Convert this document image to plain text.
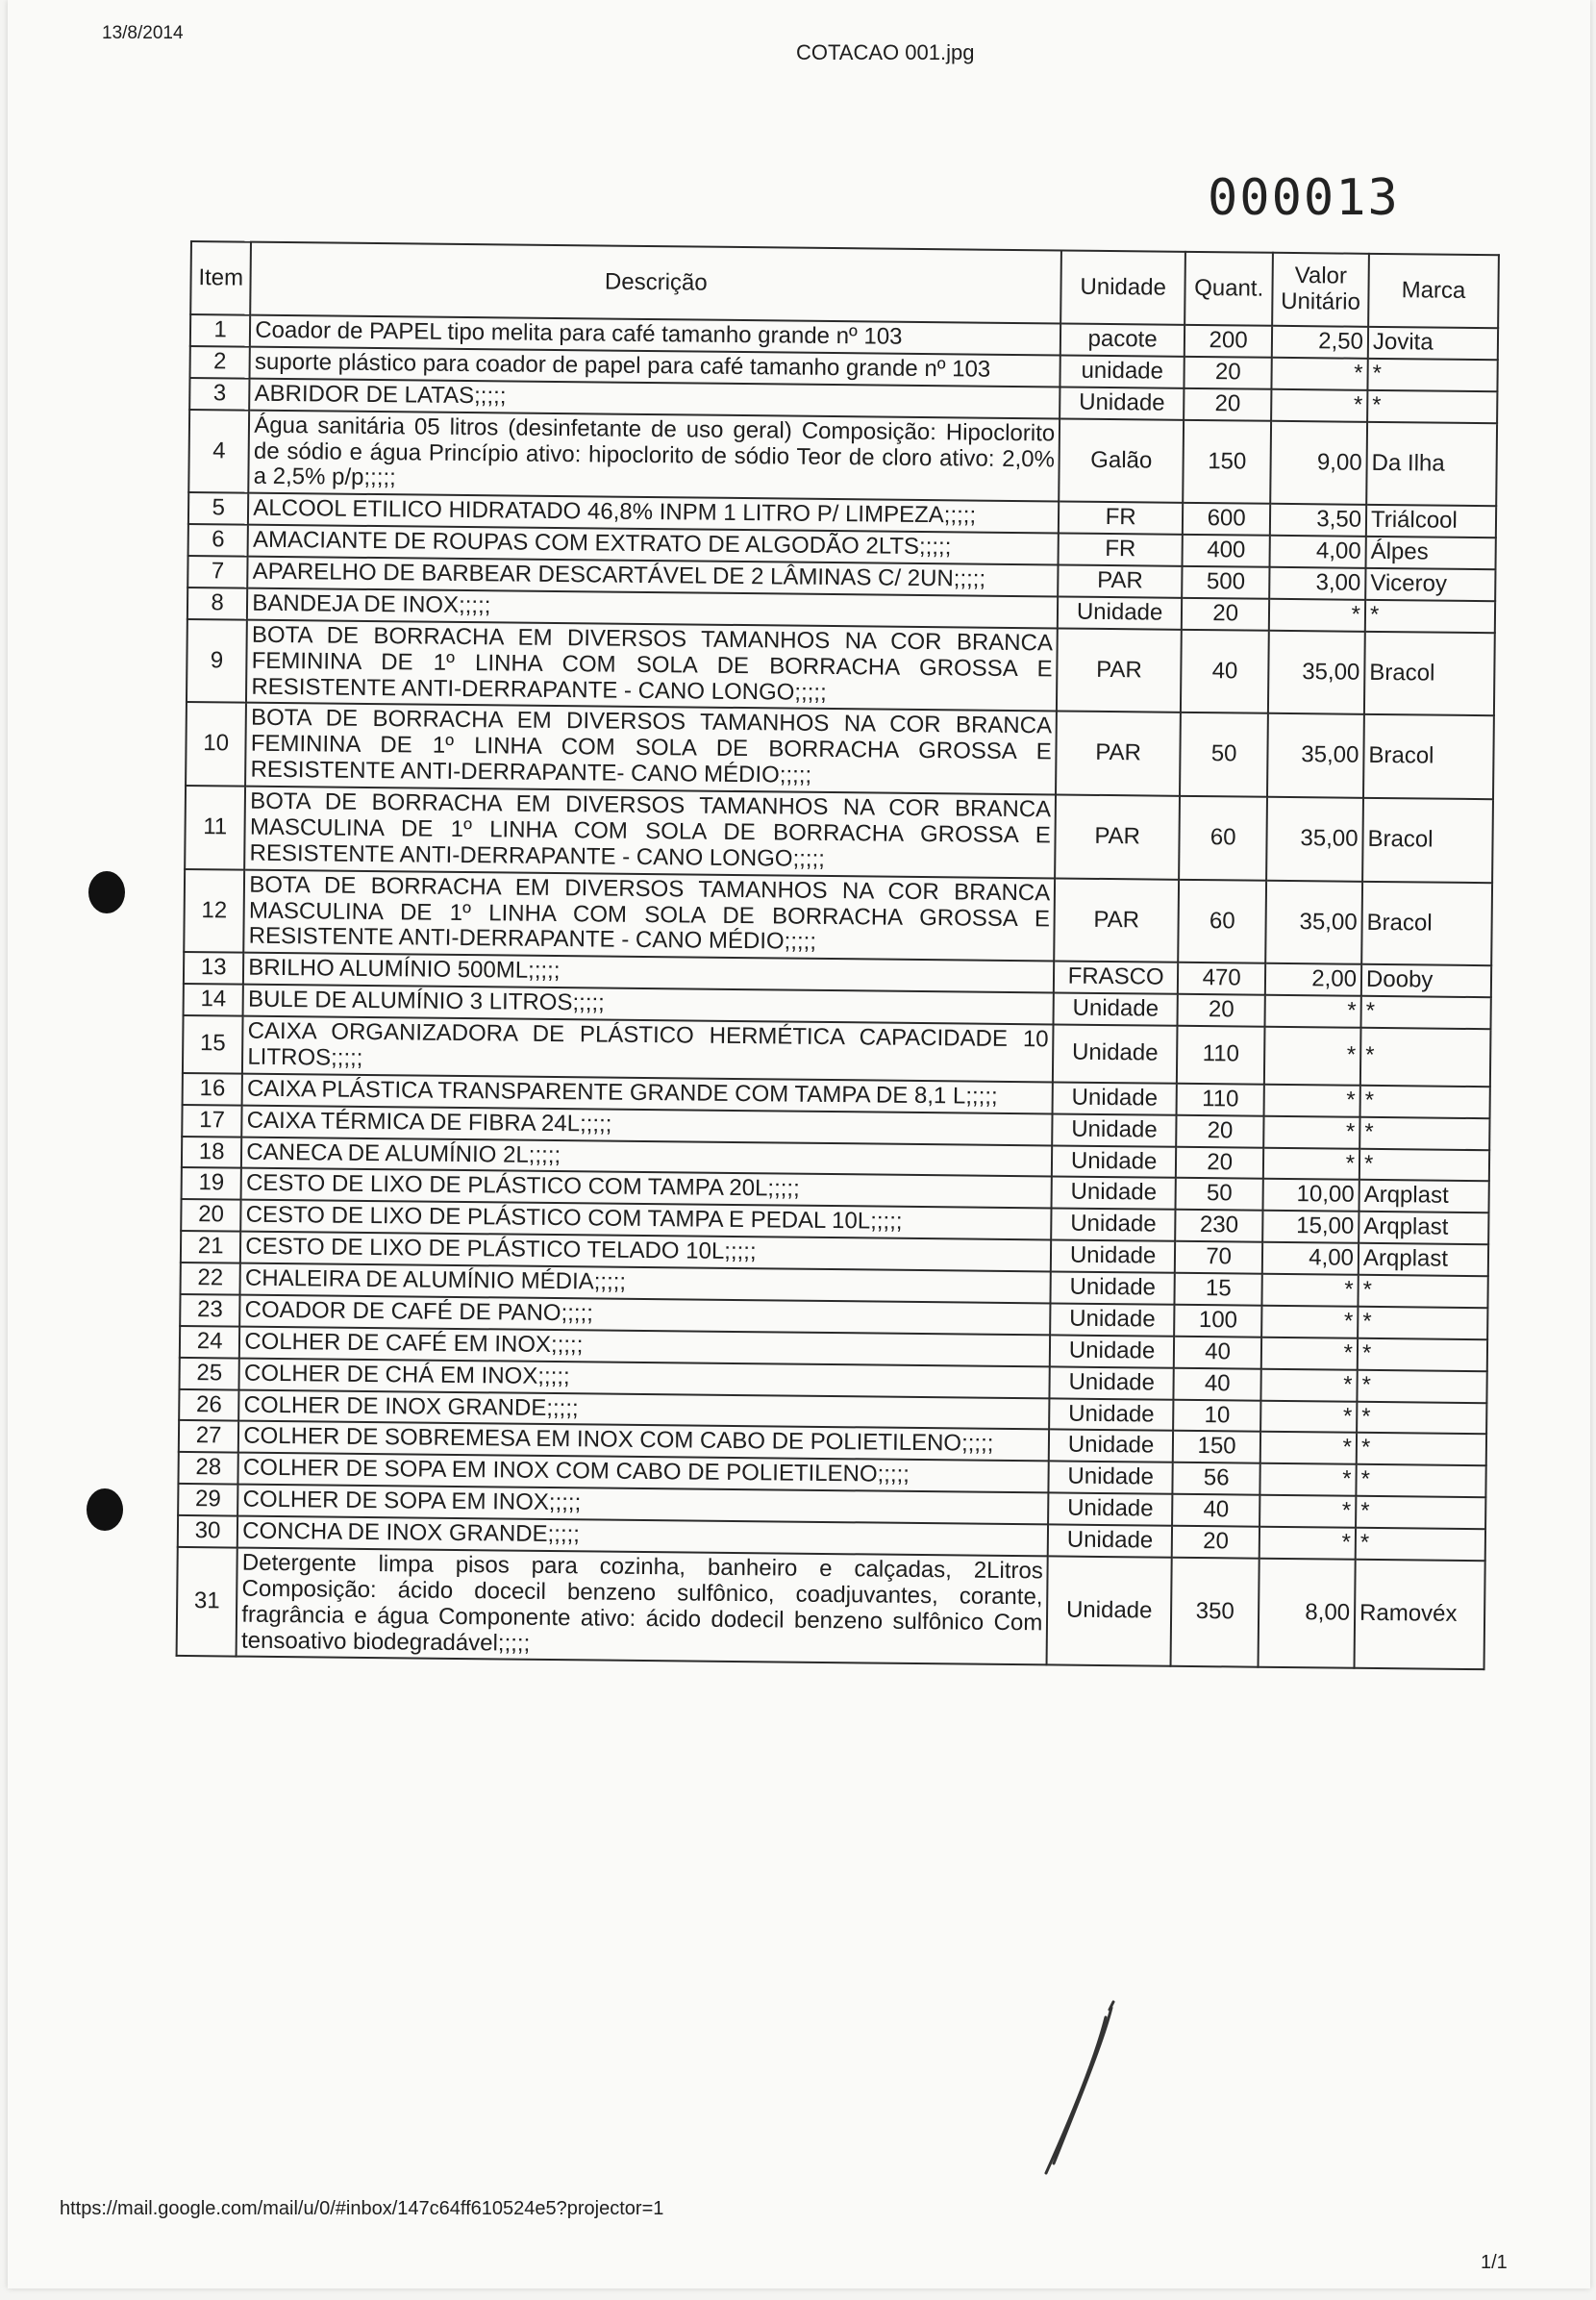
13/8/2014
COTACAO 001.jpg
000013
Item	Descrição	Unidade	Quant.	Valor Unitário	Marca
1	Coador de PAPEL tipo melita para café tamanho grande nº 103	pacote	200	2,50	Jovita
2	suporte plástico para coador de papel para café tamanho grande nº 103	unidade	20	*	*
3	ABRIDOR DE LATAS;;;;;	Unidade	20	*	*
4	Água sanitária 05 litros (desinfetante de uso geral) Composição: Hipoclorito de sódio e água Princípio ativo: hipoclorito de sódio Teor de cloro ativo: 2,0% a 2,5% p/p;;;;;	Galão	150	9,00	Da Ilha
5	ALCOOL ETILICO HIDRATADO 46,8% INPM 1 LITRO P/ LIMPEZA;;;;;	FR	600	3,50	Triálcool
6	AMACIANTE DE ROUPAS COM EXTRATO DE ALGODÃO 2LTS;;;;;	FR	400	4,00	Álpes
7	APARELHO DE BARBEAR DESCARTÁVEL DE 2 LÂMINAS C/ 2UN;;;;;	PAR	500	3,00	Viceroy
8	BANDEJA DE INOX;;;;;	Unidade	20	*	*
9	BOTA DE BORRACHA EM DIVERSOS TAMANHOS NA COR BRANCA FEMININA DE 1º LINHA COM SOLA DE BORRACHA GROSSA E RESISTENTE ANTI-DERRAPANTE - CANO LONGO;;;;;	PAR	40	35,00	Bracol
10	BOTA DE BORRACHA EM DIVERSOS TAMANHOS NA COR BRANCA FEMININA DE 1º LINHA COM SOLA DE BORRACHA GROSSA E RESISTENTE ANTI-DERRAPANTE- CANO MÉDIO;;;;;	PAR	50	35,00	Bracol
11	BOTA DE BORRACHA EM DIVERSOS TAMANHOS NA COR BRANCA MASCULINA DE 1º LINHA COM SOLA DE BORRACHA GROSSA E RESISTENTE ANTI-DERRAPANTE - CANO LONGO;;;;;	PAR	60	35,00	Bracol
12	BOTA DE BORRACHA EM DIVERSOS TAMANHOS NA COR BRANCA MASCULINA DE 1º LINHA COM SOLA DE BORRACHA GROSSA E RESISTENTE ANTI-DERRAPANTE - CANO MÉDIO;;;;;	PAR	60	35,00	Bracol
13	BRILHO ALUMÍNIO 500ML;;;;;	FRASCO	470	2,00	Dooby
14	BULE DE ALUMÍNIO 3 LITROS;;;;;	Unidade	20	*	*
15	CAIXA ORGANIZADORA DE PLÁSTICO HERMÉTICA CAPACIDADE 10 LITROS;;;;;	Unidade	110	*	*
16	CAIXA PLÁSTICA TRANSPARENTE GRANDE COM TAMPA DE 8,1 L;;;;;	Unidade	110	*	*
17	CAIXA TÉRMICA DE FIBRA 24L;;;;;	Unidade	20	*	*
18	CANECA DE ALUMÍNIO 2L;;;;;	Unidade	20	*	*
19	CESTO DE LIXO DE PLÁSTICO COM TAMPA 20L;;;;;	Unidade	50	10,00	Arqplast
20	CESTO DE LIXO DE PLÁSTICO COM TAMPA E PEDAL 10L;;;;;	Unidade	230	15,00	Arqplast
21	CESTO DE LIXO DE PLÁSTICO TELADO 10L;;;;;	Unidade	70	4,00	Arqplast
22	CHALEIRA DE ALUMÍNIO MÉDIA;;;;;	Unidade	15	*	*
23	COADOR DE CAFÉ DE PANO;;;;;	Unidade	100	*	*
24	COLHER DE CAFÉ EM INOX;;;;;	Unidade	40	*	*
25	COLHER DE CHÁ EM INOX;;;;;	Unidade	40	*	*
26	COLHER DE INOX GRANDE;;;;;	Unidade	10	*	*
27	COLHER DE SOBREMESA EM INOX COM CABO DE POLIETILENO;;;;;	Unidade	150	*	*
28	COLHER DE SOPA EM INOX COM CABO DE POLIETILENO;;;;;	Unidade	56	*	*
29	COLHER DE SOPA EM INOX;;;;;	Unidade	40	*	*
30	CONCHA DE INOX GRANDE;;;;;	Unidade	20	*	*
31	Detergente limpa pisos para cozinha, banheiro e calçadas, 2Litros Composição: ácido docecil benzeno sulfônico, coadjuvantes, corante, fragrância e água Componente ativo: ácido dodecil benzeno sulfônico Com tensoativo biodegradável;;;;;	Unidade	350	8,00	Ramovéx
https://mail.google.com/mail/u/0/#inbox/147c64ff610524e5?projector=1
1/1
